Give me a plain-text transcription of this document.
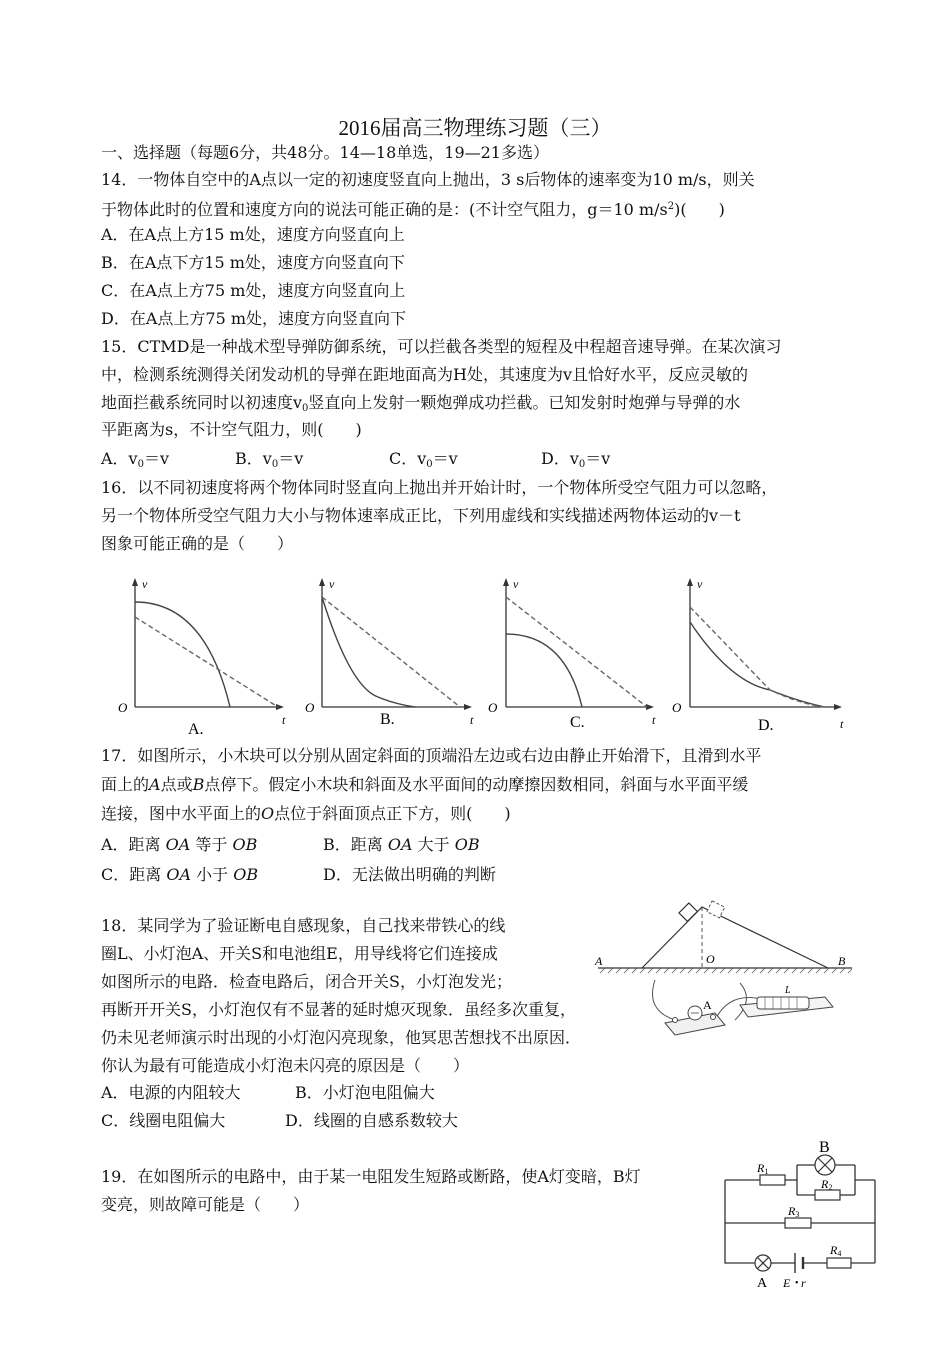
2016届高三物理练习题（三）
一、选择题（每题6分，共48分。14—18单选，19—21多选）
14．一物体自空中的A点以一定的初速度竖直向上抛出，3 s后物体的速率变为10 m/s，则关
于物体此时的位置和速度方向的说法可能正确的是：(不计空气阻力，g＝10 $m/s^2$)(　　)
A．在A点上方15 m处，速度方向竖直向上
B．在A点下方15 m处，速度方向竖直向下
C．在A点上方75 m处，速度方向竖直向上
D．在A点上方75 m处，速度方向竖直向下
15．CTMD是一种战术型导弹防御系统，可以拦截各类型的短程及中程超音速导弹。在某次演习
中，检测系统测得关闭发动机的导弹在距地面高为H处，其速度为v且恰好水平，反应灵敏的
地面拦截系统同时以初速度$v_0$竖直向上发射一颗炮弹成功拦截。已知发射时炮弹与导弹的水
平距离为s，不计空气阻力，则(　　)
A．$v_0=v$	B．$v_0=v$	C．$v_0=v$	D．$v_0=v$
16．以不同初速度将两个物体同时竖直向上抛出并开始计时，一个物体所受空气阻力可以忽略，
另一个物体所受空气阻力大小与物体速率成正比，下列用虚线和实线描述两物体运动的v－t
图象可能正确的是（　　）
v
t
O
A.
v
t
O
B.
v
t
O
C.
v
t
O
D.
17．如图所示，小木块可以分别从固定斜面的顶端沿左边或右边由静止开始滑下，且滑到水平
面上的A点或B点停下。假定小木块和斜面及水平面间的动摩擦因数相同，斜面与水平面平缓
连接，图中水平面上的O点位于斜面顶点正下方，则(　　)
A．距离 OA 等于 OB	B．距离 OA 大于 OB
C．距离 OA 小于 OB	D．无法做出明确的判断
18．某同学为了验证断电自感现象，自己找来带铁心的线
圈L、小灯泡A、开关S和电池组E，用导线将它们连接成
如图所示的电路．检查电路后，闭合开关S，小灯泡发光；
再断开开关S，小灯泡仅有不显著的延时熄灭现象．虽经多次重复，
仍未见老师演示时出现的小灯泡闪亮现象，他冥思苦想找不出原因．
你认为最有可能造成小灯泡未闪亮的原因是（　　）
A．电源的内阻较大	B．小灯泡电阻偏大
C．线圈电阻偏大	D．线圈的自感系数较大
A	O	B
A
L
19．在如图所示的电路中，由于某一电阻发生短路或断路，使A灯变暗，B灯
变亮，则故障可能是（　　）
B
R1
R2
R3
R4
A E • r
